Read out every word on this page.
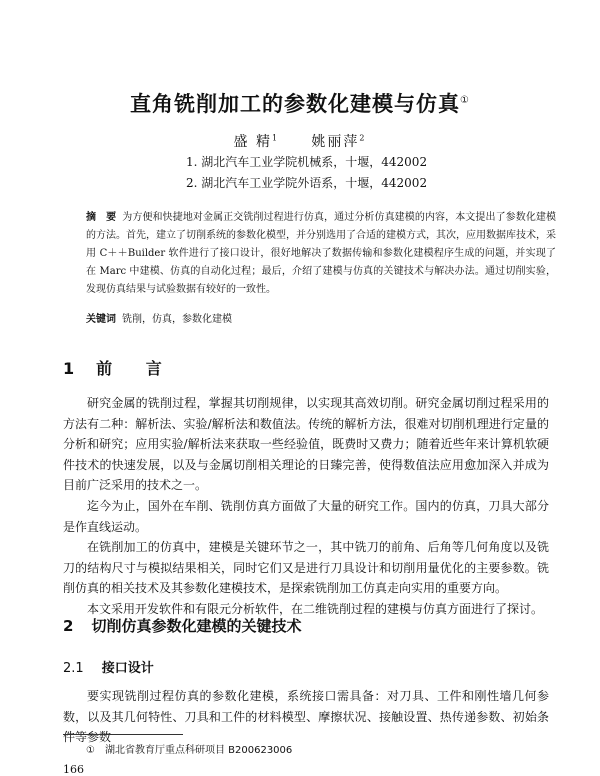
直角铣削加工的参数化建模与仿真①
盛 精$^1$ 姚丽萍$^2$
1. 湖北汽车工业学院机械系，十堰，442002
2. 湖北汽车工业学院外语系，十堰，442002
摘　要 为方便和快捷地对金属正交铣削过程进行仿真，通过分析仿真建模的内容，本文提出了参数化建模的方法。首先，建立了切削系统的参数化模型，并分别选用了合适的建模方式，其次，应用数据库技术，采用 C＋＋Builder 软件进行了接口设计，很好地解决了数据传输和参数化建模程序生成的问题，并实现了在 Marc 中建模、仿真的自动化过程；最后，介绍了建模与仿真的关键技术与解决办法。通过切削实验，发现仿真结果与试验数据有较好的一致性。
关键词 铣削，仿真，参数化建模
1 前 言

研究金属的铣削过程，掌握其切削规律，以实现其高效切削。研究金属切削过程采用的方法有二种：解析法、实验/解析法和数值法。传统的解析方法，很难对切削机理进行定量的分析和研究；应用实验/解析法来获取一些经验值，既费时又费力；随着近些年来计算机软硬件技术的快速发展，以及与金属切削相关理论的日臻完善，使得数值法应用愈加深入并成为目前广泛采用的技术之一。

迄今为止，国外在车削、铣削仿真方面做了大量的研究工作。国内的仿真，刀具大部分是作直线运动。

在铣削加工的仿真中，建模是关键环节之一，其中铣刀的前角、后角等几何角度以及铣刀的结构尺寸与模拟结果相关，同时它们又是进行刀具设计和切削用量优化的主要参数。铣削仿真的相关技术及其参数化建模技术，是探索铣削加工仿真走向实用的重要方向。

本文采用开发软件和有限元分析软件，在二维铣削过程的建模与仿真方面进行了探讨。

2 切削仿真参数化建模的关键技术
2.1 接口设计

要实现铣削过程仿真的参数化建模，系统接口需具备：对刀具、工件和刚性墙几何参数，以及其几何特性、刀具和工件的材料模型、摩擦状况、接触设置、热传递参数、初始条件等参数

①　湖北省教育厅重点科研项目 B200623006
166
